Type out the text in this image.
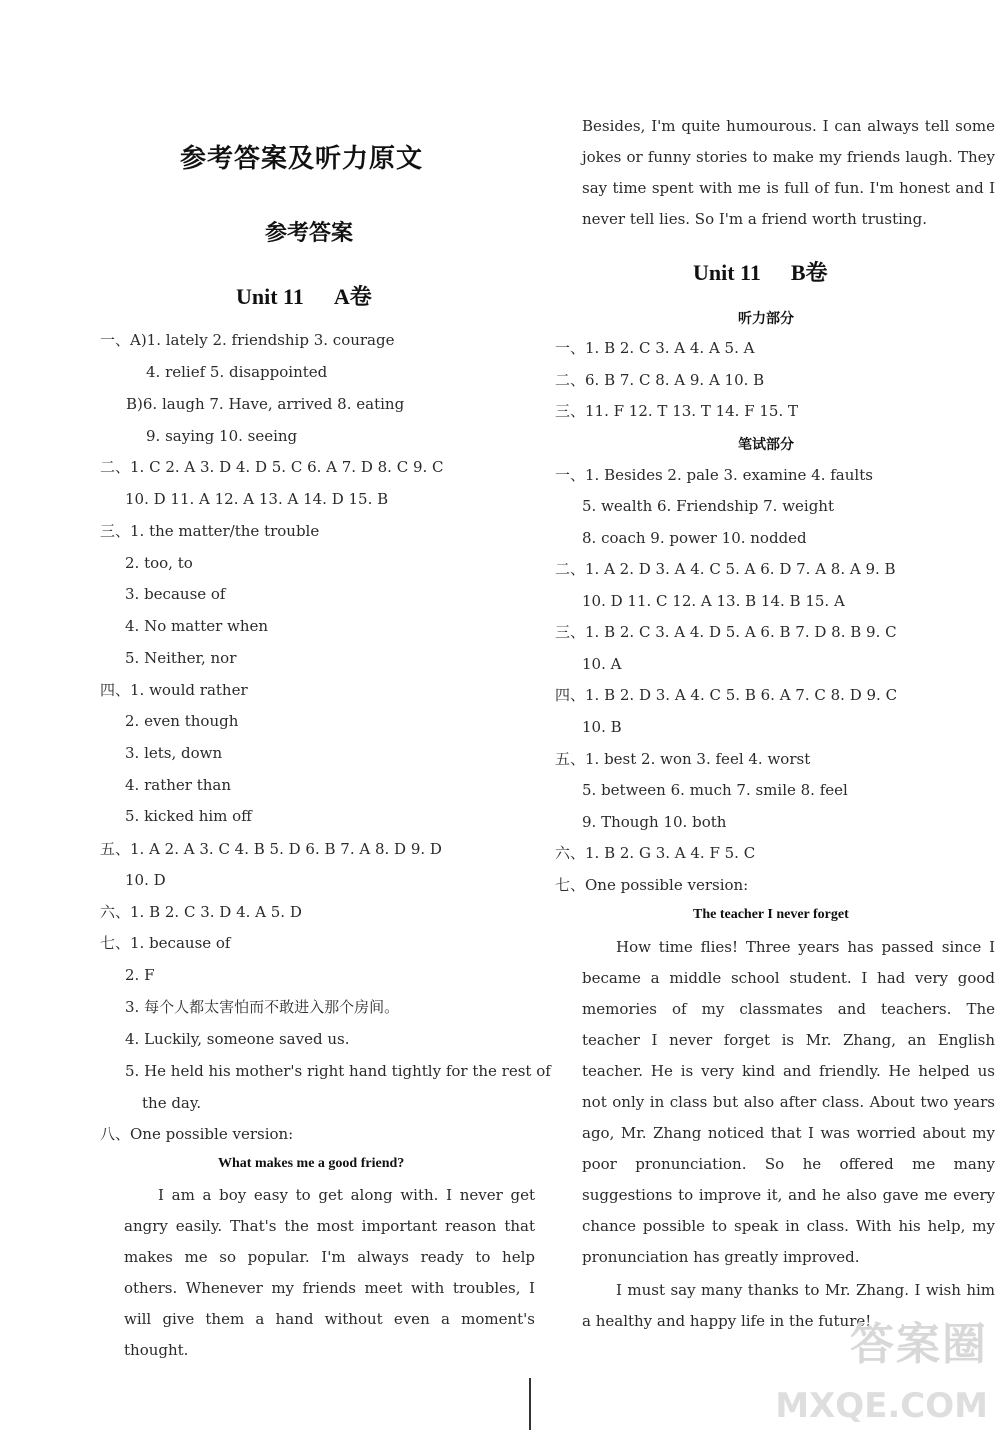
参考答案及听力原文
参考答案
Unit 11 A卷
一、A)1. lately 2. friendship 3. courage
4. relief 5. disappointed
B)6. laugh 7. Have, arrived 8. eating
9. saying 10. seeing
二、1. C 2. A 3. D 4. D 5. C 6. A 7. D 8. C 9. C
10. D 11. A 12. A 13. A 14. D 15. B
三、1. the matter/the trouble
2. too, to
3. because of
4. No matter when
5. Neither, nor
四、1. would rather
2. even though
3. lets, down
4. rather than
5. kicked him off
五、1. A 2. A 3. C 4. B 5. D 6. B 7. A 8. D 9. D
10. D
六、1. B 2. C 3. D 4. A 5. D
七、1. because of
2. F
3. 每个人都太害怕而不敢进入那个房间。
4. Luckily, someone saved us.
5. He held his mother's right hand tightly for the rest of
the day.
八、One possible version:
What makes me a good friend?
I am a boy easy to get along with. I never get angry easily. That's the most important reason that makes me so popular. I'm always ready to help others. Whenever my friends meet with troubles, I will give them a hand without even a moment's thought.
Besides, I'm quite humourous. I can always tell some jokes or funny stories to make my friends laugh. They say time spent with me is full of fun. I'm honest and I never tell lies. So I'm a friend worth trusting.
Unit 11 B卷
听力部分
一、1. B 2. C 3. A 4. A 5. A
二、6. B 7. C 8. A 9. A 10. B
三、11. F 12. T 13. T 14. F 15. T
笔试部分
一、1. Besides 2. pale 3. examine 4. faults
5. wealth 6. Friendship 7. weight
8. coach 9. power 10. nodded
二、1. A 2. D 3. A 4. C 5. A 6. D 7. A 8. A 9. B
10. D 11. C 12. A 13. B 14. B 15. A
三、1. B 2. C 3. A 4. D 5. A 6. B 7. D 8. B 9. C
10. A
四、1. B 2. D 3. A 4. C 5. B 6. A 7. C 8. D 9. C
10. B
五、1. best 2. won 3. feel 4. worst
5. between 6. much 7. smile 8. feel
9. Though 10. both
六、1. B 2. G 3. A 4. F 5. C
七、One possible version:
The teacher I never forget
How time flies! Three years has passed since I became a middle school student. I had very good memories of my classmates and teachers. The teacher I never forget is Mr. Zhang, an English teacher. He is very kind and friendly. He helped us not only in class but also after class. About two years ago, Mr. Zhang noticed that I was worried about my poor pronunciation. So he offered me many suggestions to improve it, and he also gave me every chance possible to speak in class. With his help, my pronunciation has greatly improved.
I must say many thanks to Mr. Zhang. I wish him a healthy and happy life in the future!
答案圈
MXQE.COM
